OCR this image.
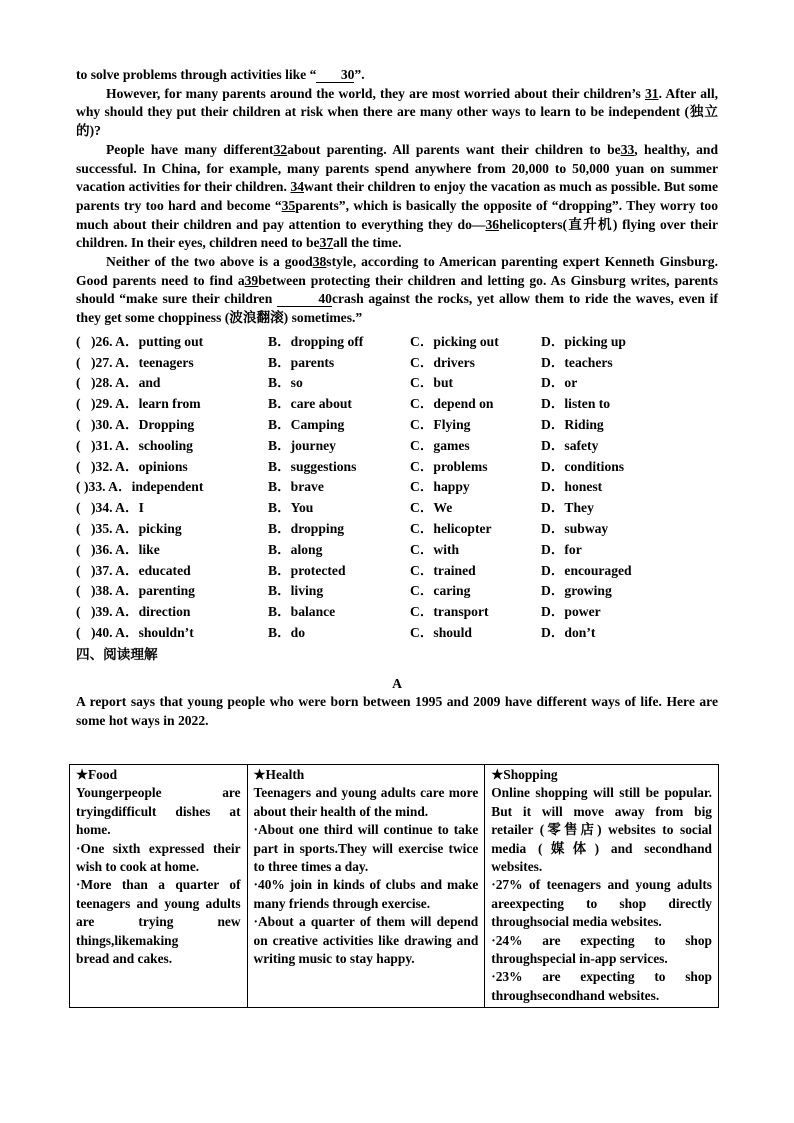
to solve problems through activities like “ 30”.

However, for many parents around the world, they are most worried about their children’s 31. After all, why should they put their children at risk when there are many other ways to learn to be independent (独立的)?

People have many different32about parenting. All parents want their children to be33, healthy, and successful. In China, for example, many parents spend anywhere from 20,000 to 50,000 yuan on summer vacation activities for their children. 34want their children to enjoy the vacation as much as possible. But some parents try too hard and become “35parents”, which is basically the opposite of “dropping”. They worry too much about their children and pay attention to everything they do—36helicopters(直升机) flying over their children. In their eyes, children need to be37all the time.

Neither of the two above is a good38style, according to American parenting expert Kenneth Ginsburg. Good parents need to find a39between protecting their children and letting go. As Ginsburg writes, parents should “make sure their children	40crash against the rocks, yet allow them to ride the waves, even if they get some choppiness (波浪翻滚) sometimes.”

( )26. A．putting out	B．dropping off	C．picking out	D．picking up
( )27. A．teenagers	B．parents	C．drivers	D．teachers
( )28. A．and	B．so	C．but	D．or
( )29. A．learn from	B．care about	C．depend on	D．listen to
( )30. A．Dropping	B．Camping	C．Flying	D．Riding
( )31. A．schooling	B．journey	C．games	D．safety
( )32. A．opinions	B．suggestions	C．problems	D．conditions
( )33. A．independent	B．brave	C．happy	D．honest
( )34. A．I	B．You	C．We	D．They
( )35. A．picking	B．dropping	C．helicopter	D．subway
( )36. A．like	B．along	C．with	D．for
( )37. A．educated	B．protected	C．trained	D．encouraged
( )38. A．parenting	B．living	C．caring	D．growing
( )39. A．direction	B．balance	C．transport	D．power
( )40. A．shouldn’t	B．do	C．should	D．don’t
四、阅读理解
A

A report says that young people who were born between 1995 and 2009 have different ways of life. Here are some hot ways in 2022.

★Food
Youngerpeople are tryingdifficult dishes at home.
·One sixth expressed their wish to cook at home.
·More than a quarter of teenagers and young adults are trying new things,likemaking
bread and cakes.

★Health
Teenagers and young adults care more about their health of the mind.
·About one third will continue to take part in sports.They will exercise twice to three times a day.
·40% join in kinds of clubs and make many friends through exercise.
·About a quarter of them will depend on creative activities like drawing and writing music to stay happy.

★Shopping
Online shopping will still be popular. But it will move away from big retailer (零售店) websites to social media (媒体) and secondhand websites.
·27% of teenagers and young adults areexpecting to shop directly throughsocial media websites.
·24% are expecting to shop throughspecial in-app services.
·23% are expecting to shop throughsecondhand websites.
